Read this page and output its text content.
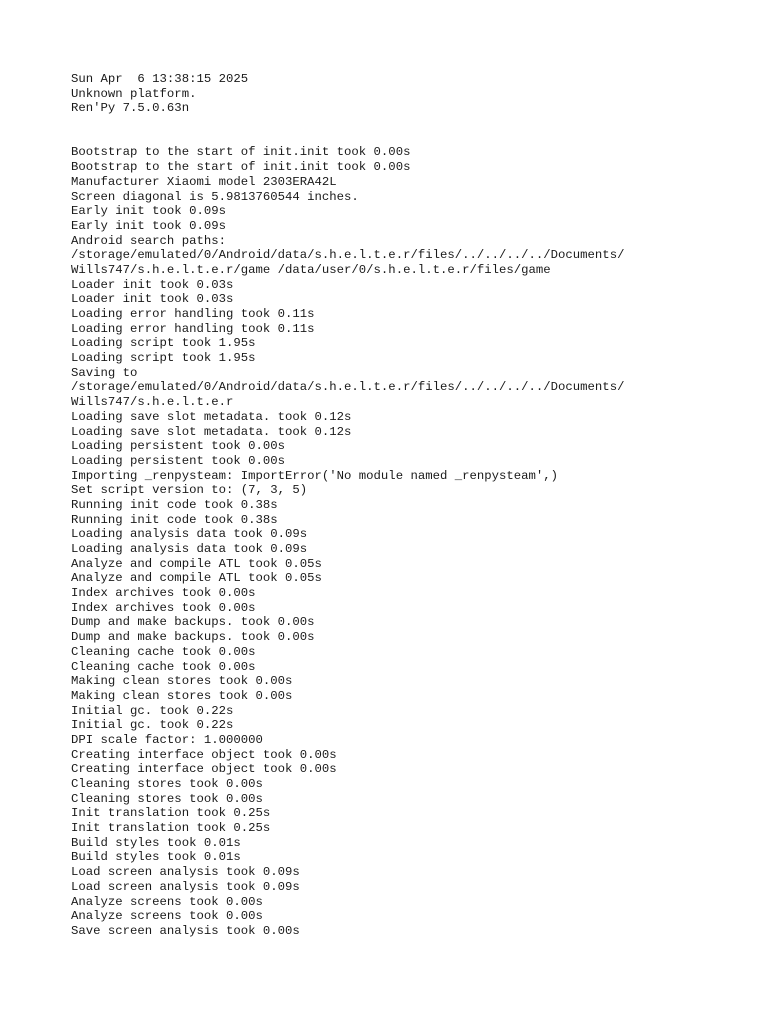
Sun Apr  6 13:38:15 2025
Unknown platform.
Ren'Py 7.5.0.63n
Bootstrap to the start of init.init took 0.00s
Bootstrap to the start of init.init took 0.00s
Manufacturer Xiaomi model 2303ERA42L
Screen diagonal is 5.9813760544 inches.
Early init took 0.09s
Early init took 0.09s
Android search paths:
/storage/emulated/0/Android/data/s.h.e.l.t.e.r/files/../../../../Documents/
Wills747/s.h.e.l.t.e.r/game /data/user/0/s.h.e.l.t.e.r/files/game
Loader init took 0.03s
Loader init took 0.03s
Loading error handling took 0.11s
Loading error handling took 0.11s
Loading script took 1.95s
Loading script took 1.95s
Saving to
/storage/emulated/0/Android/data/s.h.e.l.t.e.r/files/../../../../Documents/
Wills747/s.h.e.l.t.e.r
Loading save slot metadata. took 0.12s
Loading save slot metadata. took 0.12s
Loading persistent took 0.00s
Loading persistent took 0.00s
Importing _renpysteam: ImportError('No module named _renpysteam',)
Set script version to: (7, 3, 5)
Running init code took 0.38s
Running init code took 0.38s
Loading analysis data took 0.09s
Loading analysis data took 0.09s
Analyze and compile ATL took 0.05s
Analyze and compile ATL took 0.05s
Index archives took 0.00s
Index archives took 0.00s
Dump and make backups. took 0.00s
Dump and make backups. took 0.00s
Cleaning cache took 0.00s
Cleaning cache took 0.00s
Making clean stores took 0.00s
Making clean stores took 0.00s
Initial gc. took 0.22s
Initial gc. took 0.22s
DPI scale factor: 1.000000
Creating interface object took 0.00s
Creating interface object took 0.00s
Cleaning stores took 0.00s
Cleaning stores took 0.00s
Init translation took 0.25s
Init translation took 0.25s
Build styles took 0.01s
Build styles took 0.01s
Load screen analysis took 0.09s
Load screen analysis took 0.09s
Analyze screens took 0.00s
Analyze screens took 0.00s
Save screen analysis took 0.00s
